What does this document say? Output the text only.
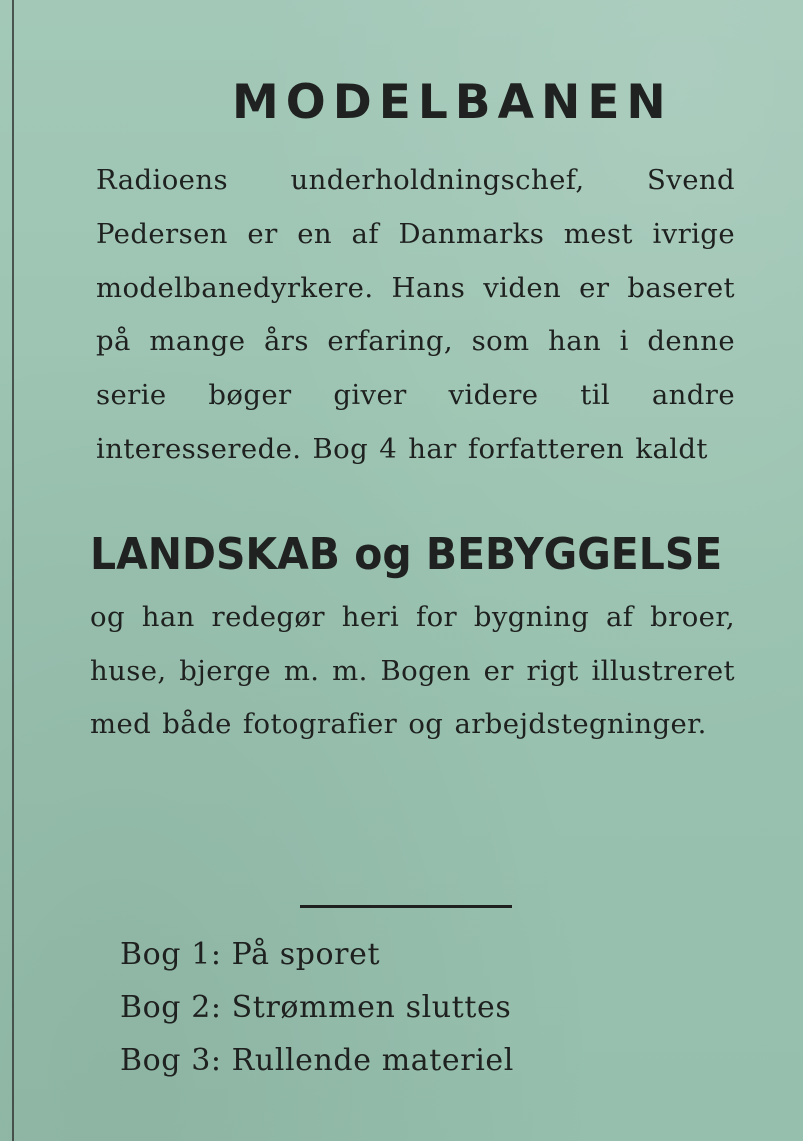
MODELBANEN

Radioens underholdningschef, Svend Pedersen er en af Danmarks mest ivrige modelbanedyrkere. Hans viden er baseret på mange års erfaring, som han i denne serie bøger giver videre til andre interesserede. Bog 4 har forfatteren kaldt

LANDSKAB og BEBYGGELSE

og han redegør heri for bygning af broer, huse, bjerge m. m. Bogen er rigt illustreret med både fotografier og arbejdstegninger.

Bog 1: På sporet
Bog 2: Strømmen sluttes
Bog 3: Rullende materiel
